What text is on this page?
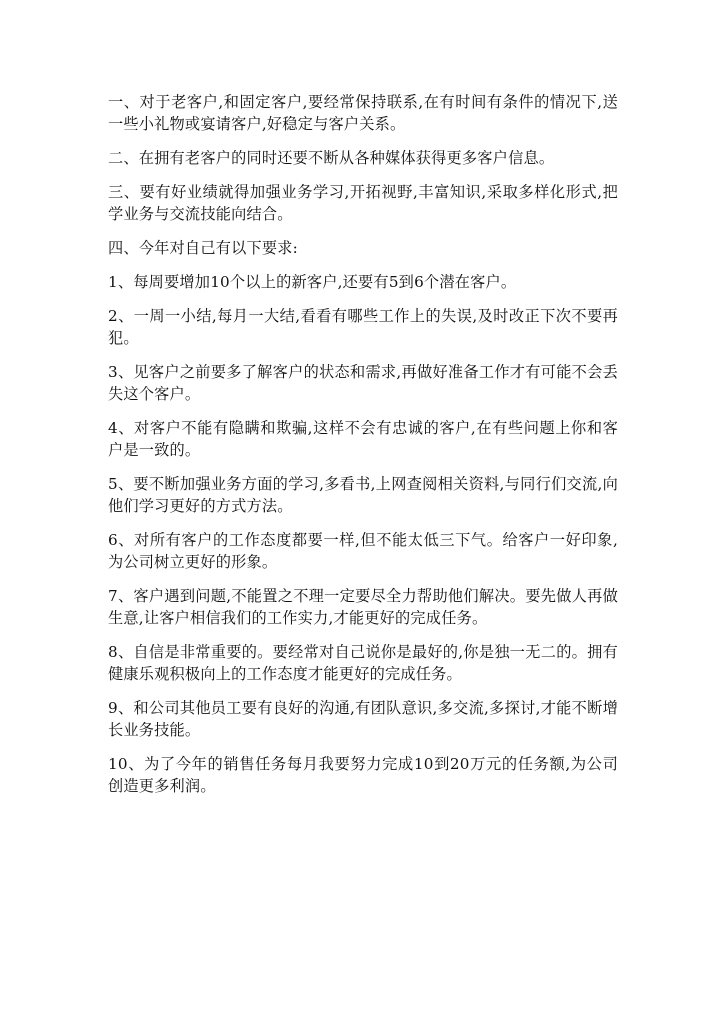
一、对于老客户,和固定客户,要经常保持联系,在有时间有条件的情况下,送一些小礼物或宴请客户,好稳定与客户关系。

二、在拥有老客户的同时还要不断从各种媒体获得更多客户信息。

三、要有好业绩就得加强业务学习,开拓视野,丰富知识,采取多样化形式,把学业务与交流技能向结合。

四、今年对自己有以下要求:

1、每周要增加10个以上的新客户,还要有5到6个潜在客户。

2、一周一小结,每月一大结,看看有哪些工作上的失误,及时改正下次不要再犯。

3、见客户之前要多了解客户的状态和需求,再做好准备工作才有可能不会丢失这个客户。

4、对客户不能有隐瞒和欺骗,这样不会有忠诚的客户,在有些问题上你和客户是一致的。

5、要不断加强业务方面的学习,多看书,上网查阅相关资料,与同行们交流,向他们学习更好的方式方法。

6、对所有客户的工作态度都要一样,但不能太低三下气。给客户一好印象,为公司树立更好的形象。

7、客户遇到问题,不能置之不理一定要尽全力帮助他们解决。要先做人再做生意,让客户相信我们的工作实力,才能更好的完成任务。

8、自信是非常重要的。要经常对自己说你是最好的,你是独一无二的。拥有健康乐观积极向上的工作态度才能更好的完成任务。

9、和公司其他员工要有良好的沟通,有团队意识,多交流,多探讨,才能不断增长业务技能。

10、为了今年的销售任务每月我要努力完成10到20万元的任务额,为公司创造更多利润。
